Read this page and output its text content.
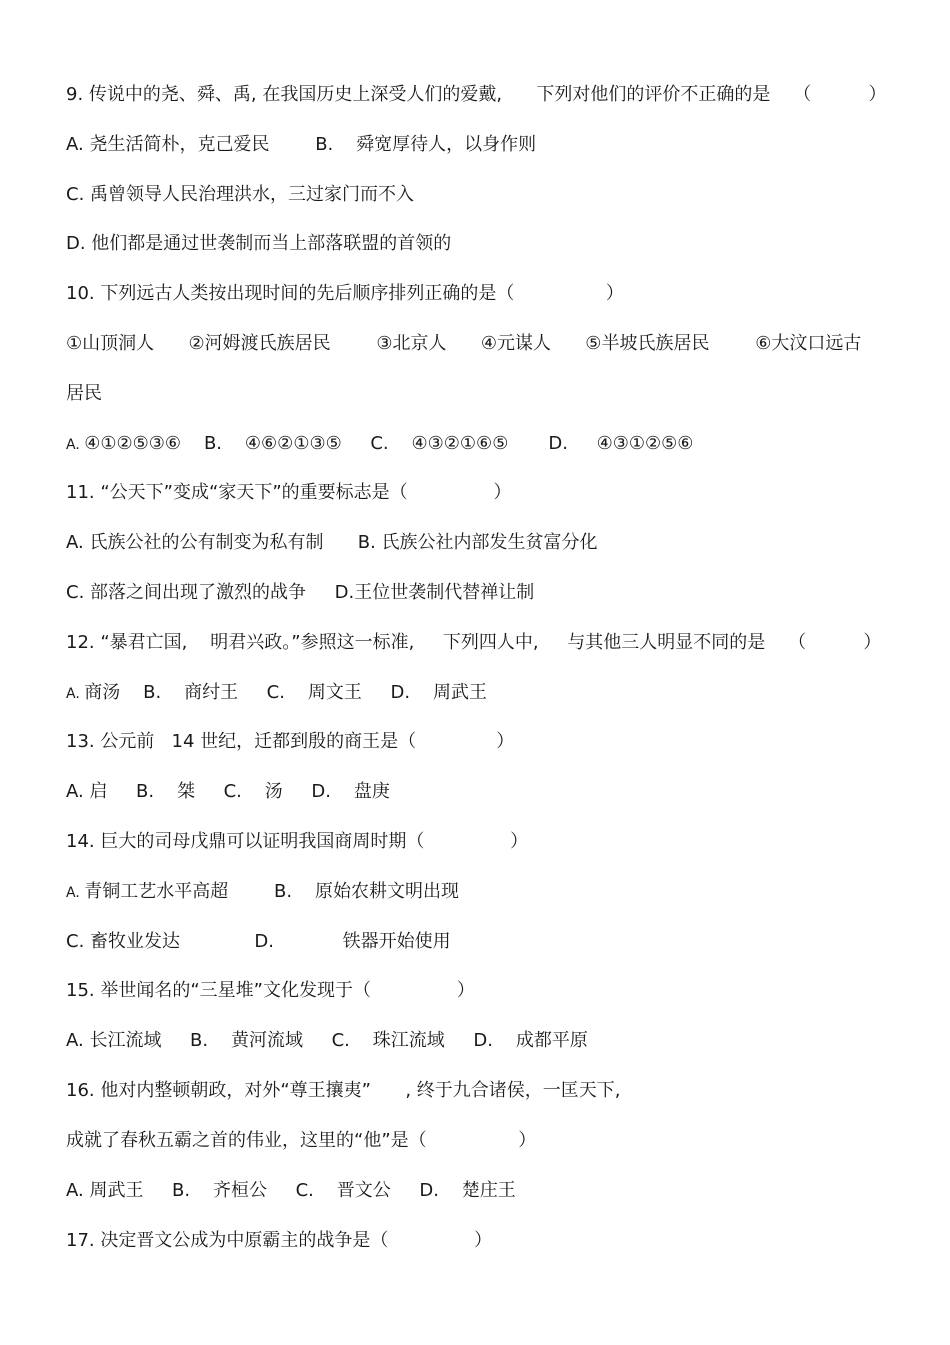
9. 传说中的尧、舜、禹, 在我国历史上深受人们的爱戴,      下列对他们的评价不正确的是    （          ）
A. 尧生活简朴，克己爱民        B.    舜宽厚待人，以身作则
C. 禹曾领导人民治理洪水，三过家门而不入
D. 他们都是通过世袭制而当上部落联盟的首领的
10. 下列远古人类按出现时间的先后顺序排列正确的是（                ）
①山顶洞人      ②河姆渡氏族居民        ③北京人      ④元谋人      ⑤半坡氏族居民        ⑥大汶口远古
居民
A. ④①②⑤③⑥    B.    ④⑥②①③⑤     C.    ④③②①⑥⑤       D.     ④③①②⑤⑥
11. “公天下”变成“家天下”的重要标志是（               ）
A. 氏族公社的公有制变为私有制      B. 氏族公社内部发生贫富分化
C. 部落之间出现了激烈的战争     D.王位世袭制代替禅让制
12. “暴君亡国,    明君兴政。”参照这一标准,     下列四人中,     与其他三人明显不同的是    （          ）
A. 商汤    B.    商纣王     C.    周文王     D.    周武王
13. 公元前   14 世纪，迁都到殷的商王是（              ）
A. 启     B.    桀     C.    汤     D.    盘庚
14. 巨大的司母戊鼎可以证明我国商周时期（               ）
A. 青铜工艺水平高超        B.    原始农耕文明出现
C. 畜牧业发达             D.            铁器开始使用
15. 举世闻名的“三星堆”文化发现于（               ）
A. 长江流域     B.    黄河流域     C.    珠江流域     D.    成都平原
16. 他对内整顿朝政，对外“尊王攘夷”      , 终于九合诸侯，一匡天下,
成就了春秋五霸之首的伟业，这里的“他”是（                ）
A. 周武王     B.    齐桓公     C.    晋文公     D.    楚庄王
17. 决定晋文公成为中原霸主的战争是（               ）
